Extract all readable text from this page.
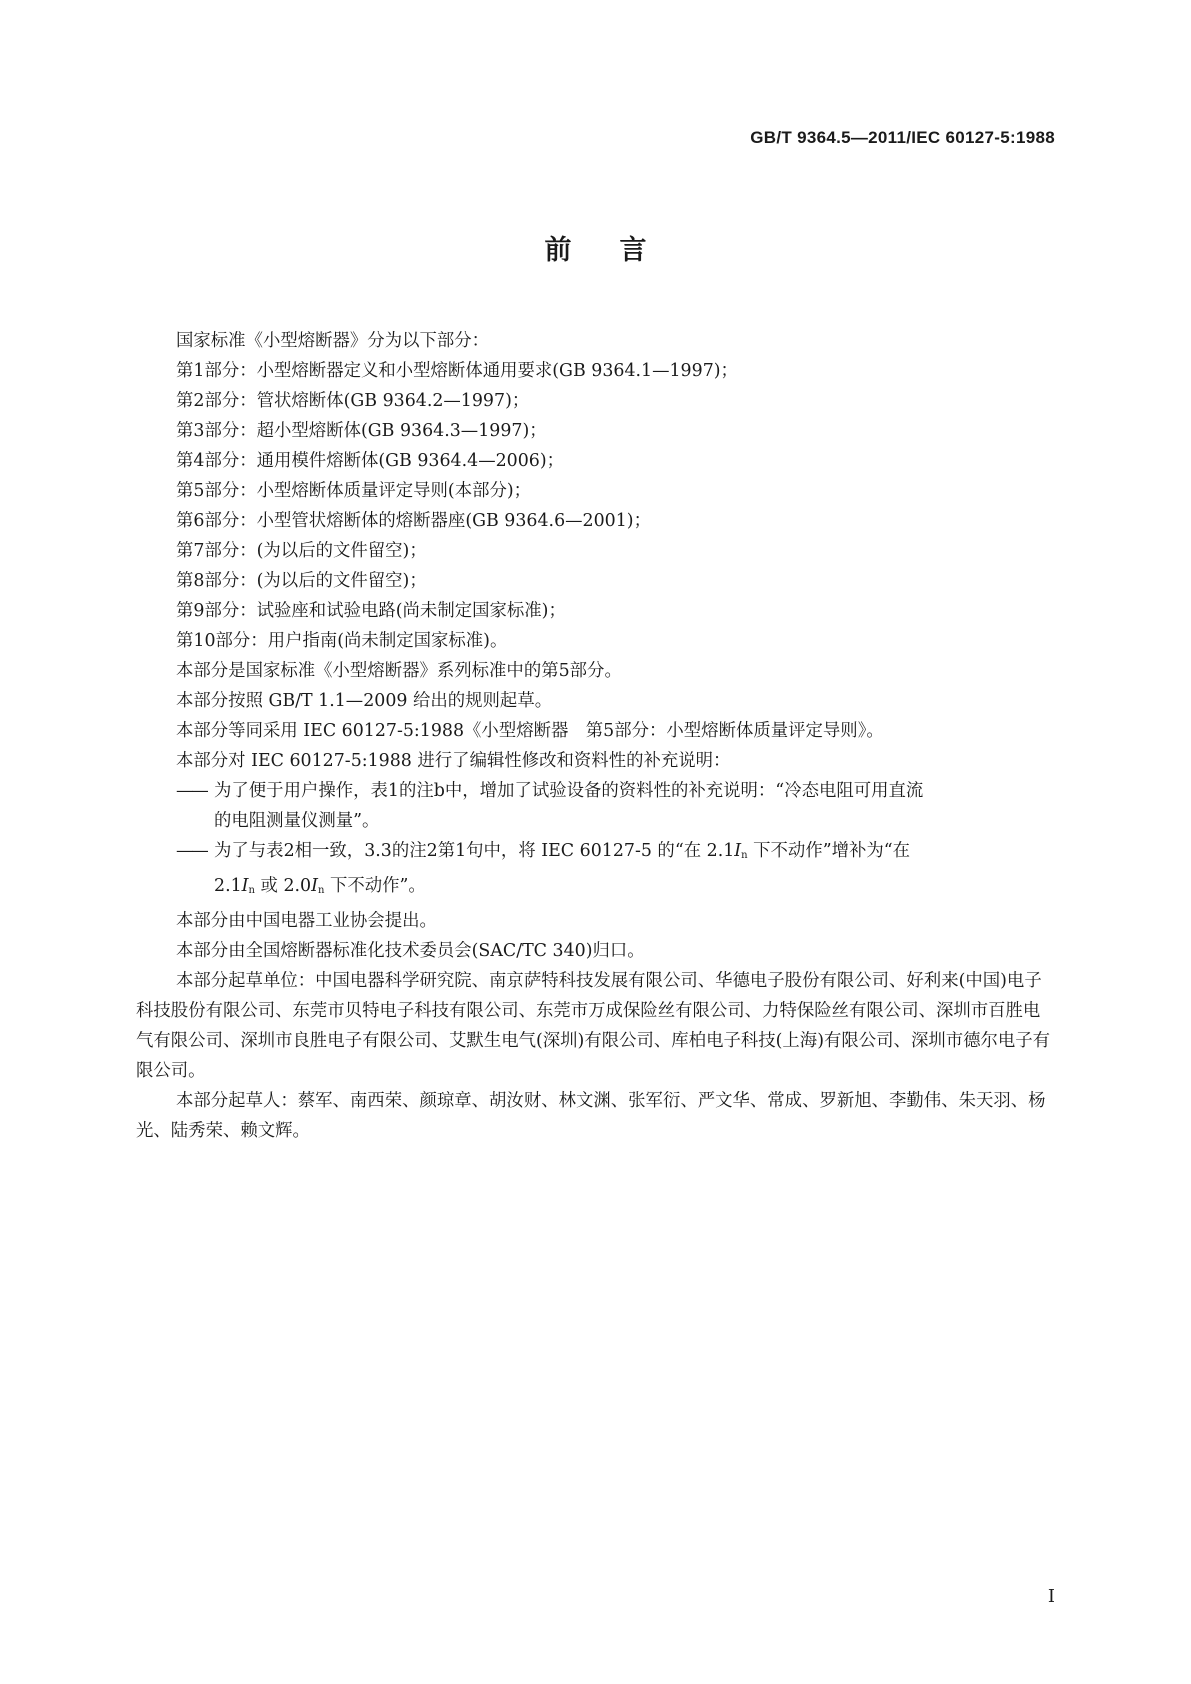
GB/T 9364.5—2011/IEC 60127-5:1988
前言

国家标准《小型熔断器》分为以下部分：

第1部分：小型熔断器定义和小型熔断体通用要求(GB 9364.1—1997)；

第2部分：管状熔断体(GB 9364.2—1997)；

第3部分：超小型熔断体(GB 9364.3—1997)；

第4部分：通用模件熔断体(GB 9364.4—2006)；

第5部分：小型熔断体质量评定导则(本部分)；

第6部分：小型管状熔断体的熔断器座(GB 9364.6—2001)；

第7部分：(为以后的文件留空)；

第8部分：(为以后的文件留空)；

第9部分：试验座和试验电路(尚未制定国家标准)；

第10部分：用户指南(尚未制定国家标准)。

本部分是国家标准《小型熔断器》系列标准中的第5部分。

本部分按照 GB/T 1.1—2009 给出的规则起草。

本部分等同采用 IEC 60127-5:1988《小型熔断器　第5部分：小型熔断体质量评定导则》。

本部分对 IEC 60127-5:1988 进行了编辑性修改和资料性的补充说明：

—— 为了便于用户操作，表1的注b中，增加了试验设备的资料性的补充说明：“冷态电阻可用直流
的电阻测量仪测量”。

—— 为了与表2相一致，3.3的注2第1句中，将 IEC 60127-5 的“在 $2.1I_n$ 下不动作”增补为“在
$2.1I_n$ 或 $2.0I_n$ 下不动作”。

本部分由中国电器工业协会提出。

本部分由全国熔断器标准化技术委员会(SAC/TC 340)归口。

本部分起草单位：中国电器科学研究院、南京萨特科技发展有限公司、华德电子股份有限公司、好利来(中国)电子科技股份有限公司、东莞市贝特电子科技有限公司、东莞市万成保险丝有限公司、力特保险丝有限公司、深圳市百胜电气有限公司、深圳市良胜电子有限公司、艾默生电气(深圳)有限公司、库柏电子科技(上海)有限公司、深圳市德尔电子有限公司。

本部分起草人：蔡军、南西荣、颜琼章、胡汝财、林文渊、张军衍、严文华、常成、罗新旭、李勤伟、朱天羽、杨光、陆秀荣、赖文辉。

I
